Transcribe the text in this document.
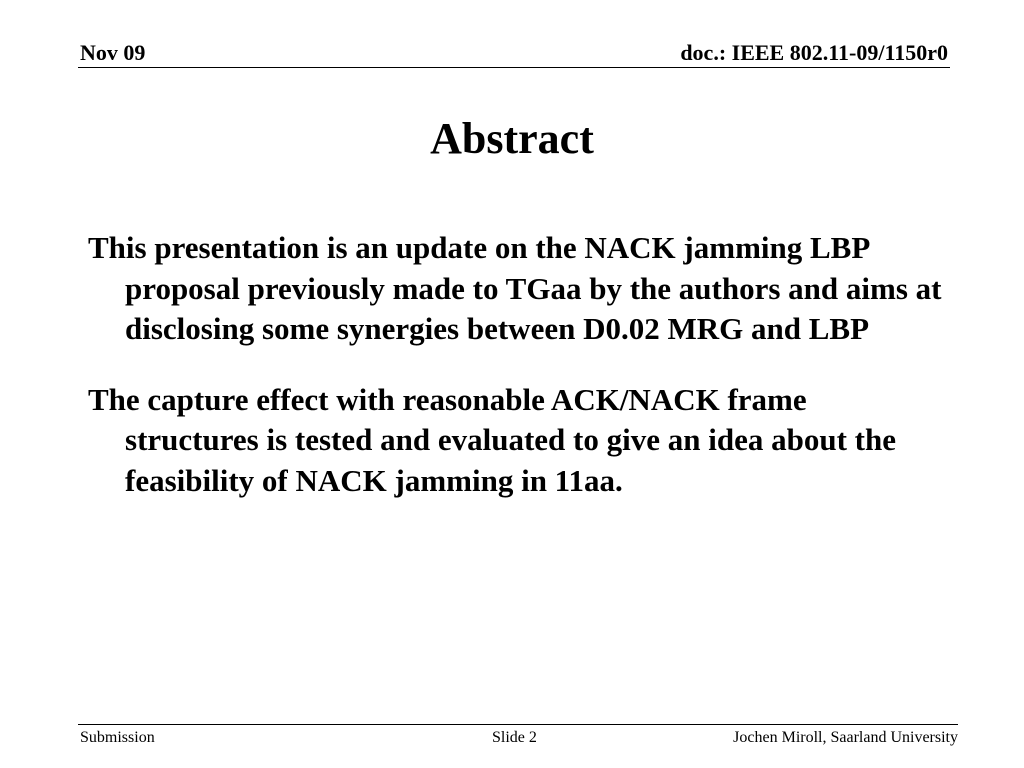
Nov 09	doc.: IEEE 802.11-09/1150r0
Abstract
This presentation is an update on the NACK jamming LBP proposal previously made to TGaa by the authors and aims at disclosing some synergies between D0.02 MRG and LBP
The capture effect with reasonable ACK/NACK frame structures is tested and evaluated to give an idea about the feasibility of NACK jamming in 11aa.
Submission	Slide 2	Jochen Miroll, Saarland University
